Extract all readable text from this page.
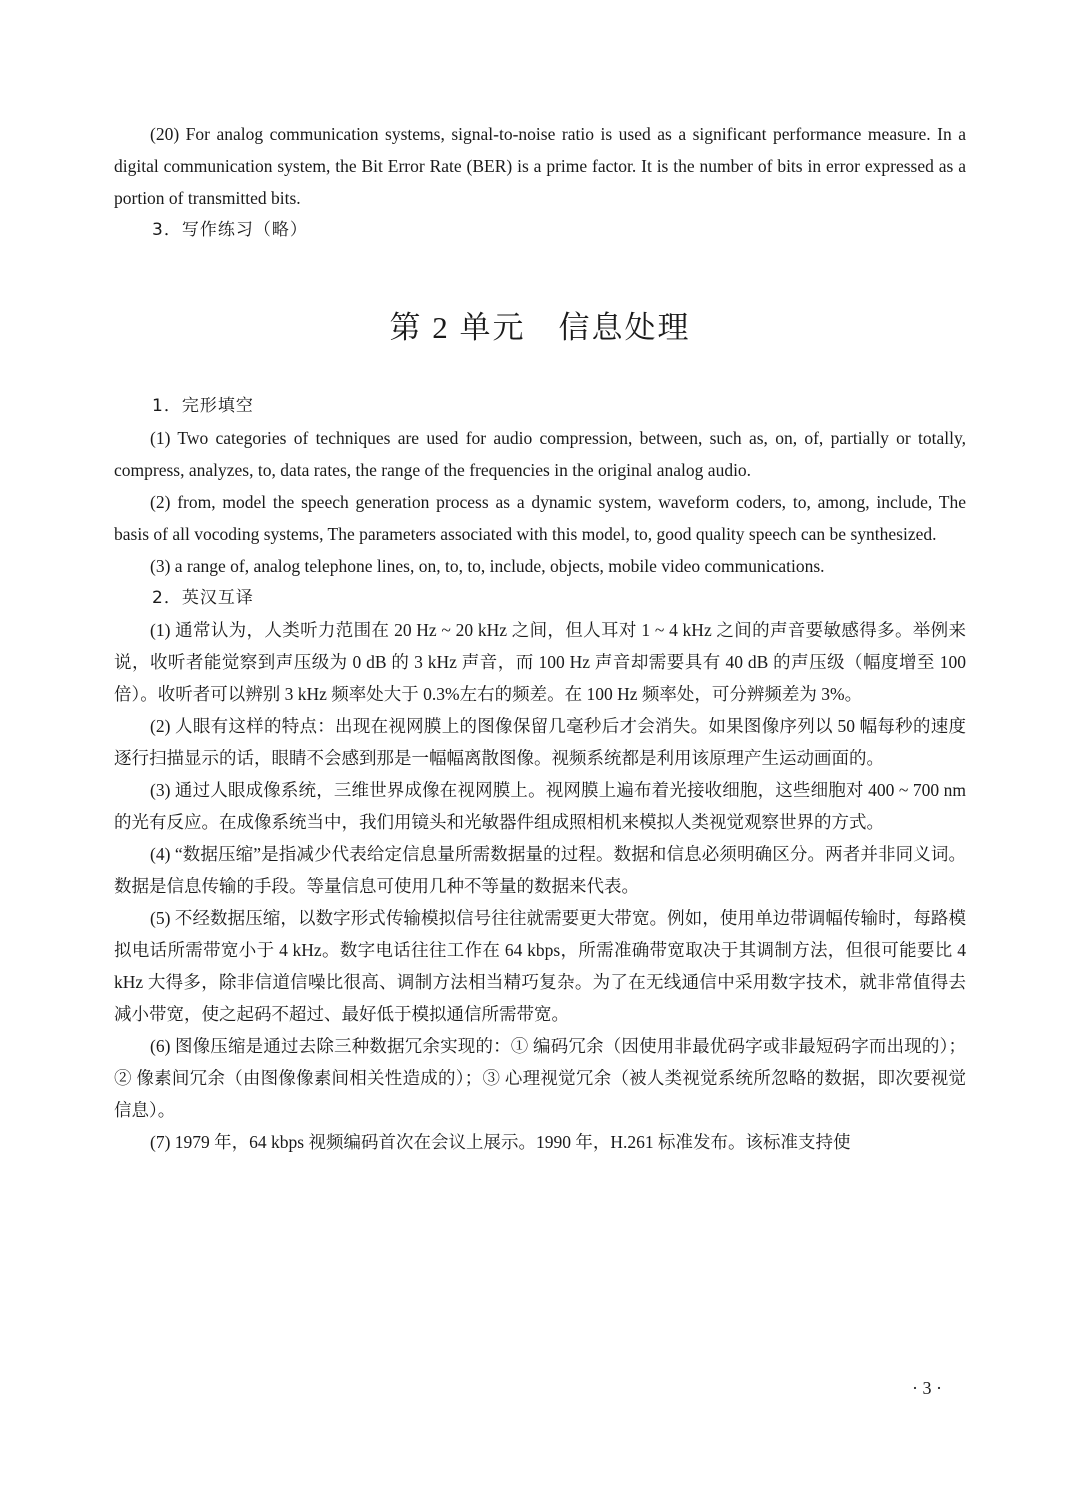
(20) For analog communication systems, signal-to-noise ratio is used as a significant performance measure. In a digital communication system, the Bit Error Rate (BER) is a prime factor. It is the number of bits in error expressed as a portion of transmitted bits.

3．写作练习（略）

第 2 单元　信息处理

1．完形填空

(1) Two categories of techniques are used for audio compression, between, such as, on, of, partially or totally, compress, analyzes, to, data rates, the range of the frequencies in the original analog audio.

(2) from, model the speech generation process as a dynamic system, waveform coders, to, among, include, The basis of all vocoding systems, The parameters associated with this model, to, good quality speech can be synthesized.

(3) a range of, analog telephone lines, on, to, to, include, objects, mobile video communications.

2．英汉互译

(1) 通常认为，人类听力范围在 20 Hz ~ 20 kHz 之间，但人耳对 1 ~ 4 kHz 之间的声音要敏感得多。举例来说，收听者能觉察到声压级为 0 dB 的 3 kHz 声音，而 100 Hz 声音却需要具有 40 dB 的声压级（幅度增至 100 倍）。收听者可以辨别 3 kHz 频率处大于 0.3%左右的频差。在 100 Hz 频率处，可分辨频差为 3%。

(2) 人眼有这样的特点：出现在视网膜上的图像保留几毫秒后才会消失。如果图像序列以 50 幅每秒的速度逐行扫描显示的话，眼睛不会感到那是一幅幅离散图像。视频系统都是利用该原理产生运动画面的。

(3) 通过人眼成像系统，三维世界成像在视网膜上。视网膜上遍布着光接收细胞，这些细胞对 400 ~ 700 nm 的光有反应。在成像系统当中，我们用镜头和光敏器件组成照相机来模拟人类视觉观察世界的方式。

(4) “数据压缩”是指减少代表给定信息量所需数据量的过程。数据和信息必须明确区分。两者并非同义词。数据是信息传输的手段。等量信息可使用几种不等量的数据来代表。

(5) 不经数据压缩，以数字形式传输模拟信号往往就需要更大带宽。例如，使用单边带调幅传输时，每路模拟电话所需带宽小于 4 kHz。数字电话往往工作在 64 kbps，所需准确带宽取决于其调制方法，但很可能要比 4 kHz 大得多，除非信道信噪比很高、调制方法相当精巧复杂。为了在无线通信中采用数字技术，就非常值得去减小带宽，使之起码不超过、最好低于模拟通信所需带宽。

(6) 图像压缩是通过去除三种数据冗余实现的：① 编码冗余（因使用非最优码字或非最短码字而出现的）；② 像素间冗余（由图像像素间相关性造成的）；③ 心理视觉冗余（被人类视觉系统所忽略的数据，即次要视觉信息）。

(7) 1979 年，64 kbps 视频编码首次在会议上展示。1990 年，H.261 标准发布。该标准支持使

· 3 ·
